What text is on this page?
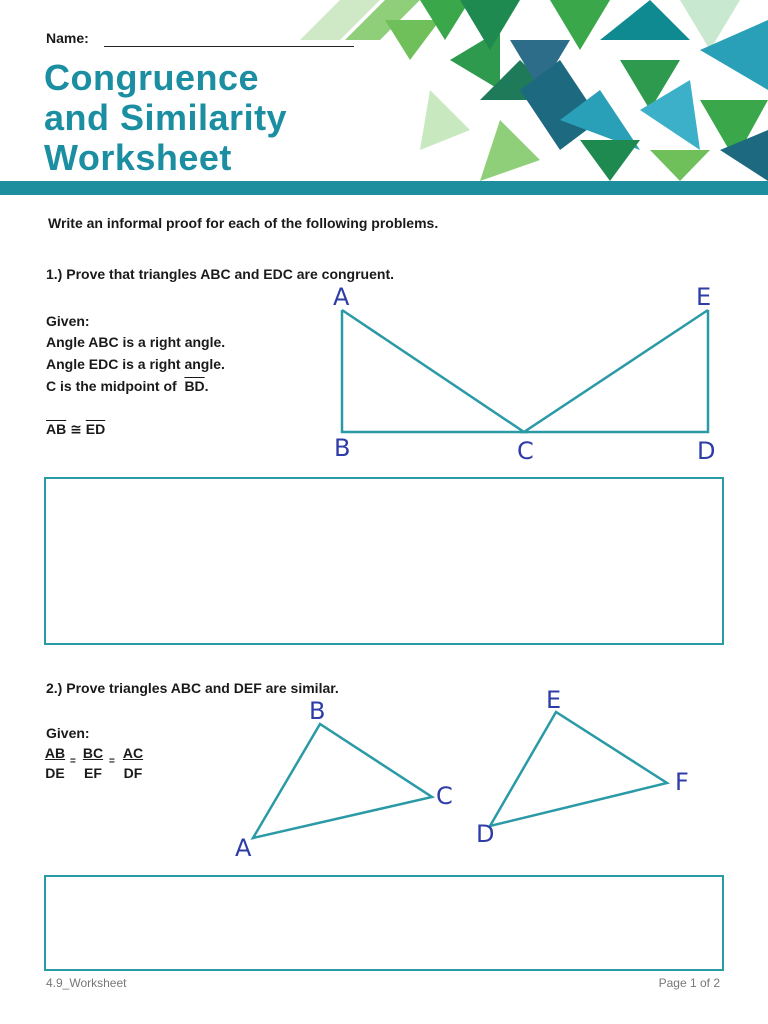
Name:
Congruence
and Similarity
Worksheet
Write an informal proof for each of the following problems.
1.) Prove that triangles ABC and EDC are congruent.
Given:
Angle ABC is a right angle.
Angle EDC is a right angle.
C is the midpoint of $\overline{BD}$.
$\overline{AB}$ ≅ $\overline{ED}$
A	E
B	C	D
2.) Prove triangles ABC and DEF are similar.
Given:
$\frac{AB}{DE} = \frac{BC}{EF} = \frac{AC}{DF}$
B
C
A
E
F
D
4.9_Worksheet	Page 1 of 2
